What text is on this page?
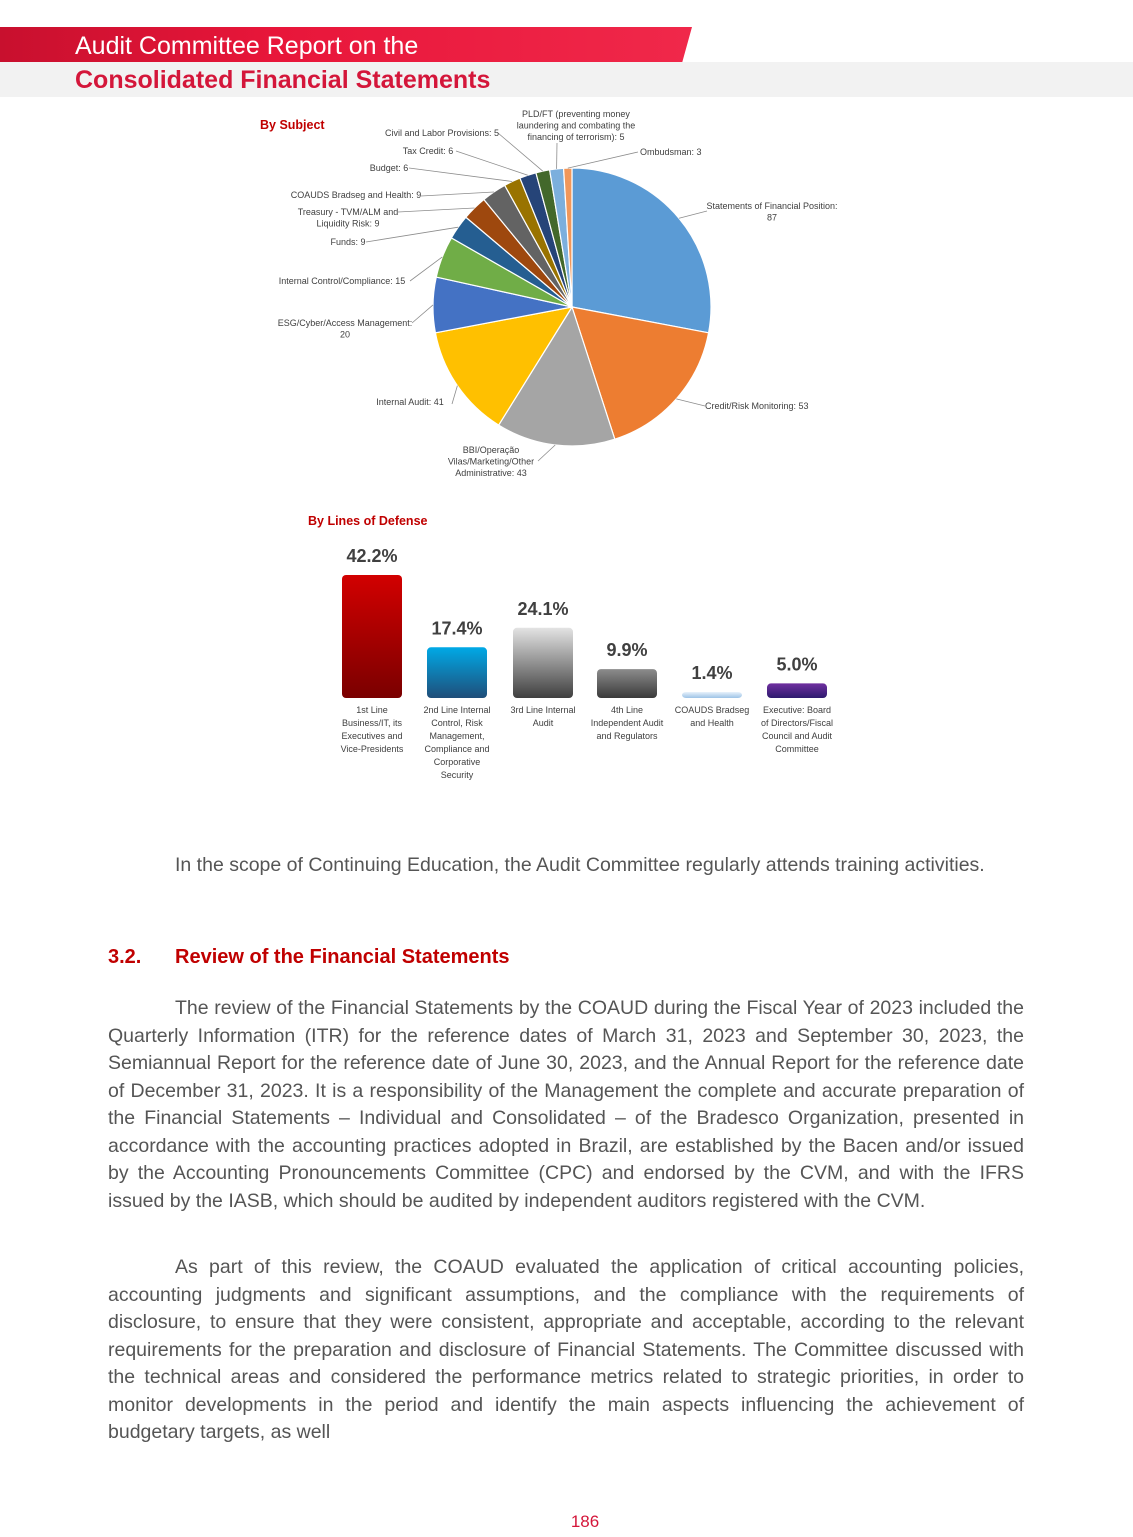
Audit Committee Report on the
Consolidated Financial Statements
By Subject
Statements of Financial Position:
87
Credit/Risk Monitoring: 53
BBI/Operação
Vilas/Marketing/Other
Administrative: 43
Internal Audit: 41
ESG/Cyber/Access Management:
20
Internal Control/Compliance: 15
Funds: 9
Treasury - TVM/ALM and
Liquidity Risk: 9
COAUDS Bradseg and Health: 9
Budget: 6
Tax Credit: 6
Civil and Labor Provisions: 5
PLD/FT (preventing money
laundering and combating the
financing of terrorism): 5
Ombudsman: 3
By Lines of Defense
42.2%
17.4%
24.1%
9.9%
1.4% 5.0%
1st Line
Business/IT, its
Executives and
Vice-Presidents
2nd Line Internal
Control, Risk
Management,
Compliance and
Corporative
Security
3rd Line Internal
Audit
4th Line
Independent Audit
and Regulators
COAUDS Bradseg
and Health
Executive: Board
of Directors/Fiscal
Council and Audit
Committee

In the scope of Continuing Education, the Audit Committee regularly attends training activities.

3.2. Review of the Financial Statements

The review of the Financial Statements by the COAUD during the Fiscal Year of 2023 included the Quarterly Information (ITR) for the reference dates of March 31, 2023 and September 30, 2023, the Semiannual Report for the reference date of June 30, 2023, and the Annual Report for the reference date of December 31, 2023. It is a responsibility of the Management the complete and accurate preparation of the Financial Statements – Individual and Consolidated – of the Bradesco Organization, presented in accordance with the accounting practices adopted in Brazil, are established by the Bacen and/or issued by the Accounting Pronouncements Committee (CPC) and endorsed by the CVM, and with the IFRS issued by the IASB, which should be audited by independent auditors registered with the CVM.

As part of this review, the COAUD evaluated the application of critical accounting policies, accounting judgments and significant assumptions, and the compliance with the requirements of disclosure, to ensure that they were consistent, appropriate and acceptable, according to the relevant requirements for the preparation and disclosure of Financial Statements. The Committee discussed with the technical areas and considered the performance metrics related to strategic priorities, in order to monitor developments in the period and identify the main aspects influencing the achievement of budgetary targets, as well

186
